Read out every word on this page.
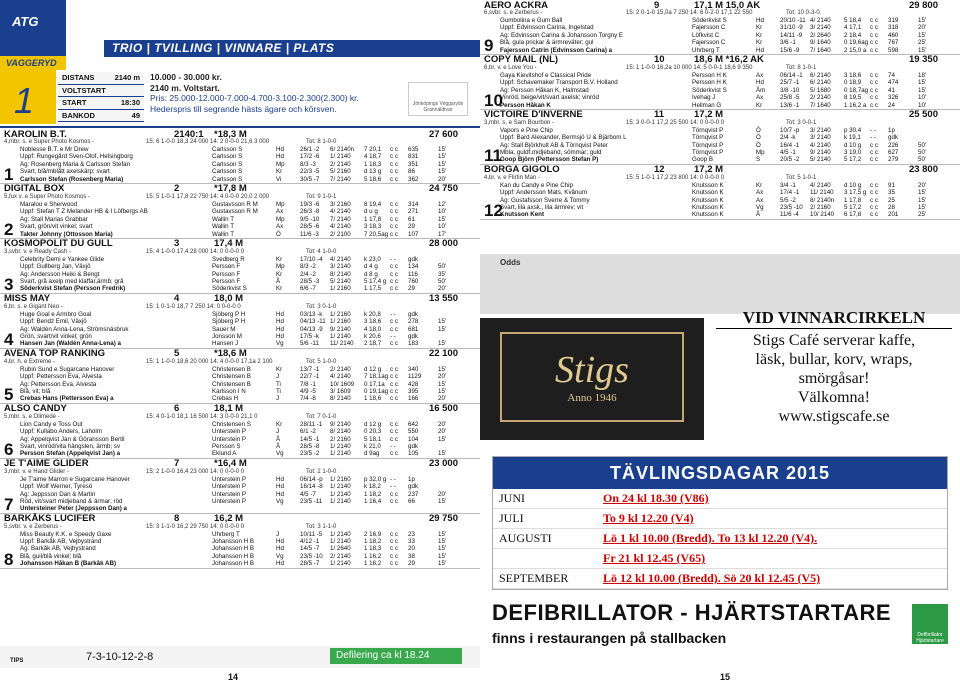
ATG
VAGGERYD
TRIO | TVILLING | VINNARE | PLATS
1
DISTANS	2140 m
VOLTSTART
START	18:30
BANKOD	49
10.000 - 30.000 kr.
2140 m. Voltstart.
Pris: 25.000-12.000-7.000-4.700-3.100-2.300(2.300) kr.
Hederspris till segrande hästs ägare och körsven.	Jönköpings Veggaryds Grannäldtvar
KAROLIN B.T.	2140:1	*18,3 M	27 600
4,mbr. s. e Super Photo Kosmos -	15: 6 1-0-0 18,3 24 000 14: 2 0-0-0 21,6 3 000	Tot: 8 1-0-0
1
Noblesse B.T. e Mr Drew	Carlsson S	Hd	26/1 -2	6/ 2140n	7 20,1	c c	635	15'
Uppf: Rungegård Sven-Olof, Helsingborg	Carlsson S	Hd	17/2 -6	1/ 2140	4 18,7	c c	831	15'
Äg: Rosenberg Maria & Carlsson Stefan	Carlsson S	Mp	8/3 -3	2/ 2140	1 18,3	c c	351	15'
Svart, blå/mblått axelskärp; svart	Carlsson S	Kr	22/3 -5	5/ 2160	d 13 g	c c	86	15'
Carlsson Stefan (Rosenberg Maria)	Carlsson S	Vi	30/5 -7	7/ 2140	5 18,6	c c	362	20'
DIGITAL BOX	2	*17,8 M	24 750
5,fux v. e Super Photo Kosmos -	15: 5 1-0-1 17,8 22 750 14: 4 0-0-0 20,0 2 000	Tot: 9 1-0-1
2
Maralou e Sherwood	Gustavsson R M	Mp	19/3 -6	3/ 2160	8 19,4	c c	314	12'
Uppf: Stefan T Z Melander HB & I Löfbergs AB	Gustavsson R M	Ax	26/3 -8	4/ 2140	d u g	c c	271	10'
Äg: Stall Marias Grabbar	Wallin T	Mp	9/5 -10	7/ 2140	1 17,8	c c	61	15'
Svart, grön/vit vinkel; svart	Wallin T	Ax	28/5 -6	4/ 2140	3 18,3	c c	29	10'
Takter Johnny (Ottosson Maria)	Wallin T	Ö	11/6 -3	2/ 2100	7 20,5ag c c	107	17'
KOSMOPOLIT DU GULL	3	17,4 M	28 000
3,svbr. v. e Ready Cash -	15: 4 1-0-0 17,4 28 000 14: 0 0-0-0 0	Tot: 4 1-0-0
3
Celebrity Demi e Yankee Glide	Svedberg R	Kr	17/10 -4	4/ 2140	k 23,0	- -	gdk
Uppf: Gullberg Jan, Växjö	Persson F	Mp	8/3 -2	3/ 2140	d 4 g	c c	134	50'
Äg: Andersson Heiki & Bengt	Persson F	Kr	2/4 -2	8/ 2140	d 8 g	c c	116	35'
Svart, grå axelp med klaffar,ärmb; grå	Persson F	Å	28/5 -3	5/ 2140	5 17,4 g c c	760	50'
Söderkvist Stefan (Persson Fredrik)	Söderkvist S	Kr	6/6 -7	1/ 2160	1 17,5	c c	29	20'
MISS MAY	4	18,0 M	13 550
6,br. s. e Gigant Neo -	15: 1 0-1-0 18,7 7 250 14: 0 0-0-0 0	Tot: 3 0-1-0
4
Huge Goal e Armbro Goal	Sjöberg P H	Hd	03/13 -k	1/ 2160	k 20,8	- -	gdk
Uppf: Bendz Emil, Växjö	Sjöberg P H	Hd	04/13 -11 1/ 2160	3 18,6	c c	278	15'
Äg: Waldén Anna-Lena, Strömsnäsbruk	Sauer M	Hd	04/13 -9	9/ 2140	4 18,0	c c	681	15'
Grön, svart/vit vinkel; grön	Jonsson M	Hd	17/5 -k	1/ 2140	k 20,6	- -	gdk
Hansen Jan (Waldén Anna-Lena) a	Hansen J	Vg	5/6 -11	11/ 2140	2 18,7	c c	183	15'
AVENA TOP RANKING	5	*18,6 M	22 100
4,br. h. e Extreme -	15: 1 1-0-0 18,6 20 000 14: 4 0-0-0 17,1a 2 100	Tot: 5 1-0-0
5
Rubin Sund e Sugarcane Hanover	Christensen B	Kr	13/7 -1	2/ 2140	d 12 g	c c	340	15'
Uppf: Pettersson Eva, Alvesta	Christensen B	J	22/7 -1	4/ 2140	7 18,1ag c c	1129	20'
Äg: Pettersson Eva, Alvesta	Christensen B	Ti	7/8 -1	10/ 1609	0 17,1a c c	428	15'
Blå, vit; blå	Karlsson I N	Ti	4/9 -5	3/ 1609	0 19,1ag c c	395	15'
Crebas Hans (Pettersson Eva) a	Crebas H	J	7/4 -8	8/ 2140	1 18,6	c c	166	20'
ALSO CANDY	6	18,1 M	16 500
5,mbr. s. e Olimede -	15: 4 0-1-0 18,1 16 500 14: 3 0-0-0 21,1 0	Tot: 7 0-1-0
6
Lion Candy e Toss Out	Christensen S	Kr	28/11 -1	9/ 2140	d 12 g	c c	642	20'
Uppf: Kullabo Anders, Laholm	Unterstein P	J	6/1 -2	8/ 2140	0 20,3	c c	550	20'
Äg: Appelqvist Jan & Göransson Bertil	Unterstein P	Å	14/5 -1	2/ 2160	5 18,1	c c	104	15'
Svart, vinröd/vita hängslen, ärmb; sv	Persson S	Å	28/5 -8	1/ 2140	k 21,0	- -	gdk
Persson Stefan (Appelqvist Jan) a	Eklund A	Vg	23/5 -2	1/ 2140	d 9ag	c c	105	15'
JE T'AIME GLIDER	7	*16,4 M	23 000
3,mbr. v. e Hand Glider -	15: 2 1-0-0 16,4 23 000 14: 0 0-0-0 0	Tot: 2 1-0-0
7
Je T'aime Marron e Sugarcane Hanover	Unterstein P	Hd	06/14 -p	1/ 2160	p 32,0 g - -	1p
Uppf: Wolf Werner, Tyresö	Unterstein P	Hd	16/14 -8	1/ 2140	k 18,2	- -	gdk
Äg: Jeppsson Dan & Martin	Unterstein P	Hd	4/5 -7	1/ 2140	1 18,2	c c	237	20'
Röd, vit/svart midjeband & ärmar; röd	Unterstein P	Vg	23/5 -11	1/ 2140	1 16,4	c c	66	15'
Untersteiner Peter (Jeppsson Dan) a
BARKÅKS LUCIFER	8	16,2 M	29 750
5,svbr. v. e Zerberus -	15: 3 1-1-0 16,2 29 750 14: 0 0-0-0 0	Tot: 3 1-1-0
8
Miss Beauty K.K. e Speedy Gaxe	Uhrberg T	J	10/11 -5	1/ 2140	2 16,9	c c	23	15'
Uppf: Barkåk AB, Vejbystrand	Johansson H B	Hd	4/12 -1	1/ 2140	1 18,2	c c	33	15'
Äg: Barkåk AB, Vejbystrand	Johansson H B	Hd	14/5 -7	1/ 2640	1 18,3	c c	20	15'
Blå, guil/blå vinkel; blå	Johansson H B	Vg	23/5 -10	2/ 2140	1 16,2	c c	38	15'
Johansson Håkan B (Barkåk AB)	Johansson H B	Hd	28/5 -7	1/ 2140	1 16,2	c c	29	15'
TIPS	7-3-10-12-2-8	Defilering ca kl 18.24
14
AERO ACKRA	9	17,1 M 15,0 AK	29 800
6,svbr. s. e Zerberus -	15: 2 0-1-0 15,0a 7 250 14: 6 0-2-0 17,1 22 550	Tot: 10 0-3-0
9
Gumbolina e Gum Ball	Söderkvist S	Hd	20/10 -11 4/ 2140	5 18,4	c c	319	15'
Uppf: Edvinsson Carina, Ingelstad	Fajersson C	Kr	31/10 -9	3/ 2140	4 17,1	c c	318	20'
Äg: Edvinsson Carina & Johansson Torgny E	Löfkvist C	Kr	14/11 -9	2/ 2640	2 18,4	c c	460	15'
Blå, gula prickar & ärmreväter; gul	Fajersson C	Kr	3/6 -1	9/ 1640	0 19,6ag c c	767	25'
Fajersson Catrin (Edvinsson Carina) a	Uhrberg T	Hd	15/6 -9	7/ 1640	2 15,0 a c c	598	15'
COPY MAIL (NL)	10	18,6 M *16,2 AK	19 350
6,br. v. e Love You -	15: 1 1-0-0 16,2a 10 000 14: 5 0-0-1 18,6 9 350	Tot: 8 1-0-1
10
Gaya Kievitshof e Classical Pride	Persson H K	Ax	06/14 -1	6/ 2140	3 18,6	c c	74	18'
Uppf: Schavemaker Transport B.V. Holland	Persson H K	Hd	25/7 -1	6/ 2140	0 18,9	c c	474	15'
Äg: Persson Håkan K, Halmstad	Söderkvist S	Åm	3/8 -10	5/ 1680	0 18,7ag c c	41	15'
Vinröd, beige/vit/svart axelsk; vinröd	Ivehag J	Ax	25/8 -5	2/ 2140	8 19,5	c c	326	10'
Persson Håkan K	Hellman G	Kr	13/6 -1	7/ 1640	1 16,2 a c c	24	10'
VICTOIRE D'INVERNE	11	17,2 M	25 500
3,mbr. s. e Sam Bourbon -	15: 3 0-0-1 17,2 25 500 14: 0 0-0-0 0	Tot: 3 0-0-1
11
Vapors e Pine Chip	Törnqvist P	Ö	10/7 -p	3/ 2140	p 30,4	- -	1p
Uppf: Bard Alexander, Bermsjö U & Bjärbom L	Törnqvist P	Ö	2/4 -k	3/ 2140	k 19,1	- -	gdk
Äg: Stall Björkhult AB & Törnqvist Peter	Törnqvist P	Ö	16/4 -1	4/ 2140	d 10 g	c c	226	50'
Mbla, guldf.midjeband, sömmar; guld	Törnqvist P	Mp	4/5 -1	9/ 2140	3 19,0	c c	627	50'
Goop Björn (Pettersson Stefan P)	Goop B	S	20/5 -2	5/ 2140	5 17,2	c c	279	50'
BORGA GIGOLO	12	17,2 M	23 800
4,br. v. e Flirtin Man -	15: 5 1-0-1 17,2 23 800 14: 0 0-0-0 0	Tot: 5 1-0-1
12
Kan du Candy e Pine Chip	Knutsson K	Kr	3/4 -1	4/ 2140	d 10 g	c c	91	20'
Uppf: Andersson Mats, Kvånum	Knutsson K	Ax	17/4 -1	11/ 2140	3 17,5 g c c	35	15'
Äg: Gustafsson Sverre & Tommy	Knutsson K	Ax	5/5 -2	8/ 2140n	1 17,8	c c	25	15'
Svart, lila axsk., lila ärmrev; vit	Knutsson K	Vg	23/5 -10	2/ 2160	5 17,2	c c	28	15'
Knutsson Kent	Knutsson K	Å	11/6 -4	10/ 2140	6 17,8	c c	201	25'
Odds
Stigs
Anno 1946
VID VINNARCIRKELN
Stigs Café serverar kaffe,
läsk, bullar, korv, wraps,
smörgåsar!
Välkomna!
www.stigscafe.se
TÄVLINGSDAGAR 2015
JUNI	On 24 kl 18.30 (V86)
JULI	To 9 kl 12.20 (V4)
AUGUSTI	Lö 1 kl 10.00 (Bredd). To 13 kl 12.20 (V4).
Fr 21 kl 12.45 (V65)
SEPTEMBER	Lö 12 kl 10.00 (Bredd). Sö 20 kl 12.45 (V5)
DEFIBRILLATOR - HJÄRTSTARTARE
finns i restaurangen på stallbacken	Defibrillator Hjärtstartare
15
